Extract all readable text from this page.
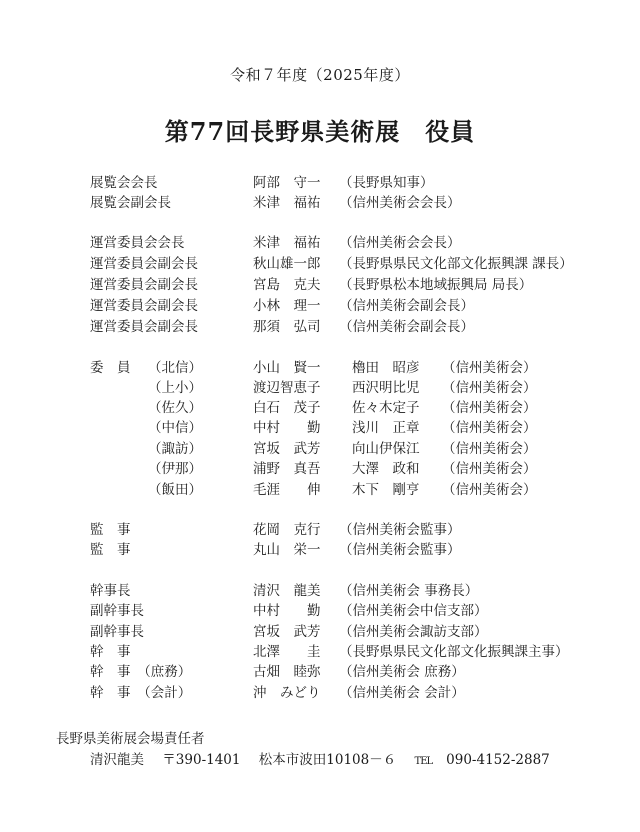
令和７年度（2025年度）
第77回長野県美術展　役員
展覧会会長	阿部　守一 （長野県知事）
展覧会副会長	米津　福祐 （信州美術会会長）
運営委員会会長	米津　福祐 （信州美術会会長）
運営委員会副会長	秋山雄一郎 （長野県県民文化部文化振興課 課長）
運営委員会副会長	宮島　克夫 （長野県松本地域振興局 局長）
運営委員会副会長	小林　理一 （信州美術会副会長）
運営委員会副会長	那須　弘司 （信州美術会副会長）
委　員 （北信）	小山　賢一 櫓田　昭彦 （信州美術会）
（上小）	渡辺智恵子 西沢明比児 （信州美術会）
（佐久）	白石　茂子 佐々木定子 （信州美術会）
（中信）	中村　　勤 浅川　正章 （信州美術会）
（諏訪）	宮坂　武芳 向山伊保江 （信州美術会）
（伊那）	浦野　真吾 大澤　政和 （信州美術会）
（飯田）	毛涯　　伸 木下　剛亨 （信州美術会）
監　事	花岡　克行 （信州美術会監事）
監　事	丸山　栄一 （信州美術会監事）
幹事長	清沢　龍美 （信州美術会 事務長）
副幹事長	中村　　勤 （信州美術会中信支部）
副幹事長	宮坂　武芳 （信州美術会諏訪支部）
幹　事	北澤　　圭 （長野県県民文化部文化振興課主事）
幹　事　（庶務）	古畑　睦弥 （信州美術会 庶務）
幹　事　（会計）	沖　みどり （信州美術会 会計）
長野県美術展会場責任者
清沢龍美 〒390-1401 松本市波田10108－６ TEL 090-4152-2887
